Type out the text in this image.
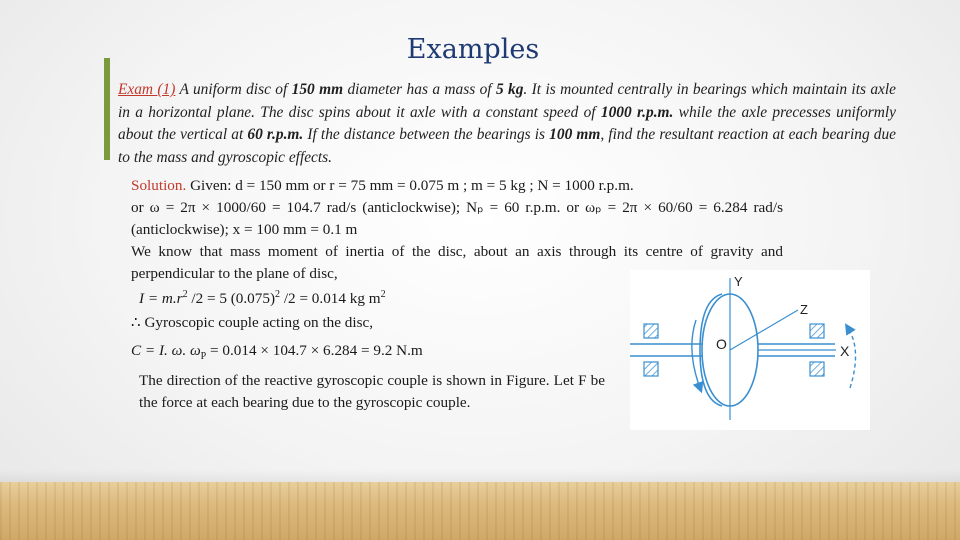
Examples
Exam (1) A uniform disc of 150 mm diameter has a mass of 5 kg. It is mounted centrally in bearings which maintain its axle in a horizontal plane. The disc spins about it axle with a constant speed of 1000 r.p.m. while the axle precesses uniformly about the vertical at 60 r.p.m. If the distance between the bearings is 100 mm, find the resultant reaction at each bearing due to the mass and gyroscopic effects.
Solution. Given: d = 150 mm or r = 75 mm = 0.075 m ; m = 5 kg ; N = 1000 r.p.m.
or ω = 2π × 1000/60 = 104.7 rad/s (anticlockwise); Nₚ = 60 r.p.m. or ωₚ = 2π × 60/60 = 6.284 rad/s (anticlockwise); x = 100 mm = 0.1 m
We know that mass moment of inertia of the disc, about an axis through its centre of gravity and perpendicular to the plane of disc,
$I = m.r^2$ /2 = 5 $(0.075)^2$ /2 = 0.014 kg $m^2$
∴ Gyroscopic couple acting on the disc,
C = I. ω. $\omega_P = 0.014 \times 104.7 \times 6.284 = 9.2$ N.m
The direction of the reactive gyroscopic couple is shown in Figure. Let F be the force at each bearing due to the gyroscopic couple.
Y
Z
O	X
